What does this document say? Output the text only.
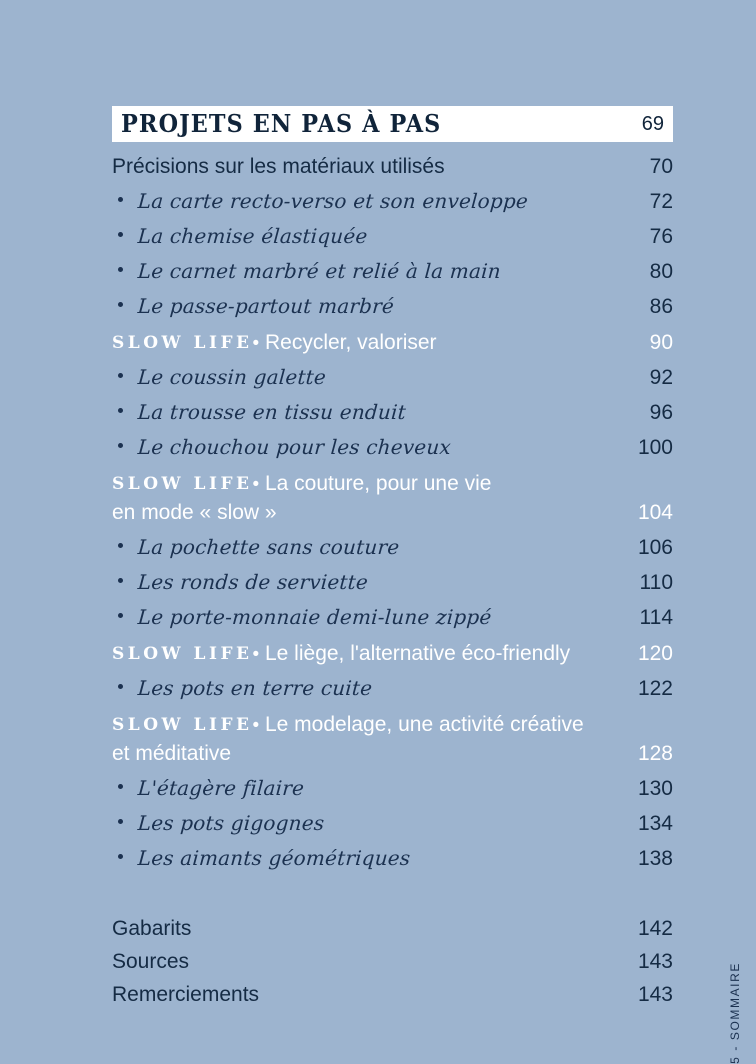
PROJETS EN PAS À PAS	69
Précisions sur les matériaux utilisés	70
La carte recto-verso et son enveloppe	72
La chemise élastiquée	76
Le carnet marbré et relié à la main	80
Le passe-partout marbré	86
SLOW LIFE• Recycler, valoriser	90
Le coussin galette	92
La trousse en tissu enduit	96
Le chouchou pour les cheveux	100
SLOW LIFE• La couture, pour une vie
en mode « slow »	104
La pochette sans couture	106
Les ronds de serviette	110
Le porte-monnaie demi-lune zippé	114
SLOW LIFE• Le liège, l'alternative éco-friendly	120
Les pots en terre cuite	122
SLOW LIFE• Le modelage, une activité créative
et méditative	128
L'étagère filaire	130
Les pots gigognes	134
Les aimants géométriques	138
Gabarits	142
Sources	143
Remerciements	143	5 - SOMMAIRE
